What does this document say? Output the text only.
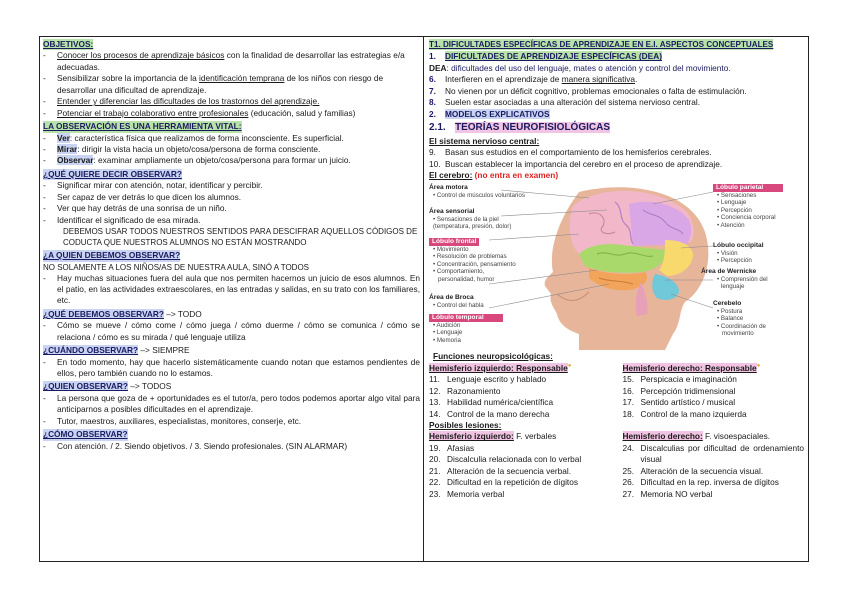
OBJETIVOS:
-	Conocer los procesos de aprendizaje básicos con la finalidad de desarrollar las estrategias e/a adecuadas.
-	Sensibilizar sobre la importancia de la identificación temprana de los niños con riesgo de desarrollar una dificultad de aprendizaje.
-	Entender y diferenciar las dificultades de los trastornos del aprendizaje.
-	Potenciar el trabajo colaborativo entre profesionales (educación, salud y familias)
LA OBSERVACIÓN ES UNA HERRAMIENTA VITAL:
-	Ver: característica física que realizamos de forma inconsciente. Es superficial.
-	Mirar: dirigir la vista hacia un objeto/cosa/persona de forma consciente.
-	Observar: examinar ampliamente un objeto/cosa/persona para formar un juicio.
¿QUÉ QUIERE DECIR OBSERVAR?
-	Significar mirar con atención, notar, identificar y percibir.
-	Ser capaz de ver detrás lo que dicen los alumnos.
-	Ver que hay detrás de una sonrisa de un niño.
-	Identificar el significado de esa mirada.
DEBEMOS USAR TODOS NUESTROS SENTIDOS PARA DESCIFRAR AQUELLOS CÓDIGOS DE CODUCTA QUE NUESTROS ALUMNOS NO ESTÁN MOSTRANDO
¿A QUIEN DEBEMOS OBSERVAR?
NO SOLAMENTE A LOS NIÑOS/AS DE NUESTRA AULA, SINÓ A TODOS
-	Hay muchas situaciones fuera del aula que nos permiten hacernos un juicio de esos alumnos. En el patio, en las actividades extraescolares, en las entradas y salidas, en su trato con los familiares, etc.
¿QUÉ DEBEMOS OBSERVAR? –> TODO
-	Cómo se mueve / cómo come / cómo juega / cómo duerme / cómo se comunica / cómo se relaciona / cómo es su mirada / qué lenguaje utiliza
¿CUÁNDO OBSERVAR? –> SIEMPRE
-	En todo momento, hay que hacerlo sistemáticamente cuando notan que estamos pendientes de ellos, pero también cuando no lo estamos.
¿QUIEN OBSERVAR? –> TODOS
-	La persona que goza de + oportunidades es el tutor/a, pero todos podemos aportar algo vital para anticiparnos a posibles dificultades en el aprendizaje.
-	Tutor, maestros, auxiliares, especialistas, monitores, conserje, etc.
¿CÓMO OBSERVAR?
-	Con atención. / 2. Siendo objetivos. / 3. Siendo profesionales. (SIN ALARMAR)
T1. DIFICULTADES ESPECÍFICAS DE APRENDIZAJE EN E.I. ASPECTOS CONCEPTUALES
1.	DIFICULTADES DE APRENDIZAJE ESPECÍFICAS (DEA)
DEA: dificultades del uso del lenguaje, mates o atención y control del movimiento.
6.	Interfieren en el aprendizaje de manera significativa.
7.	No vienen por un déficit cognitivo, problemas emocionales o falta de estimulación.
8.	Suelen estar asociadas a una alteración del sistema nervioso central.
2.	MODELOS EXPLICATIVOS
2.1. TEORÍAS NEUROFISIOLÓGICAS
El sistema nervioso central:
9.	Basan sus estudios en el comportamiento de los hemisferios cerebrales.
10. Buscan establecer la importancia del cerebro en el proceso de aprendizaje.
El cerebro: (no entra en examen)
Área motora
• Control de músculos voluntarios
Área sensorial
• Sensaciones de la piel
(temperatura, presión, dolor)
Lóbulo frontal
• Movimiento
• Resolución de problemas
• Concentración, pensamiento
• Comportamiento,
personalidad, humor
Área de Broca
• Control del habla
Lóbulo temporal
• Audición
• Lenguaje
• Memoria
Lóbulo parietal
• Sensaciones
• Lenguaje
• Percepción
• Conciencia corporal
• Atención
Lóbulo occipital
• Visión
• Percepción
Área de Wernicke
• Comprensión del
lenguaje
Cerebelo
• Postura
• Balance
• Coordinación de
movimiento
Funciones neuropsicológicas:
Hemisferio izquierdo: Responsable●
11. Lenguaje escrito y hablado
12. Razonamiento
13. Habilidad numérica/científica
14. Control de la mano derecha
Hemisferio derecho: Responsable●
15. Perspicacia e imaginación
16. Percepción tridimensional
17. Sentido artístico / musical
18. Control de la mano izquierda
Posibles lesiones:
Hemisferio izquierdo: F. verbales
19. Afasias
20. Discalculia relacionada con lo verbal
21. Alteración de la secuencia verbal.
22. Dificultad en la repetición de dígitos
23. Memoria verbal
Hemisferio derecho: F. visoespaciales.
24. Discalculias por dificultad de ordenamiento visual
25. Alteración de la secuencia visual.
26. Dificultad en la rep. inversa de dígitos
27. Memoria NO verbal
